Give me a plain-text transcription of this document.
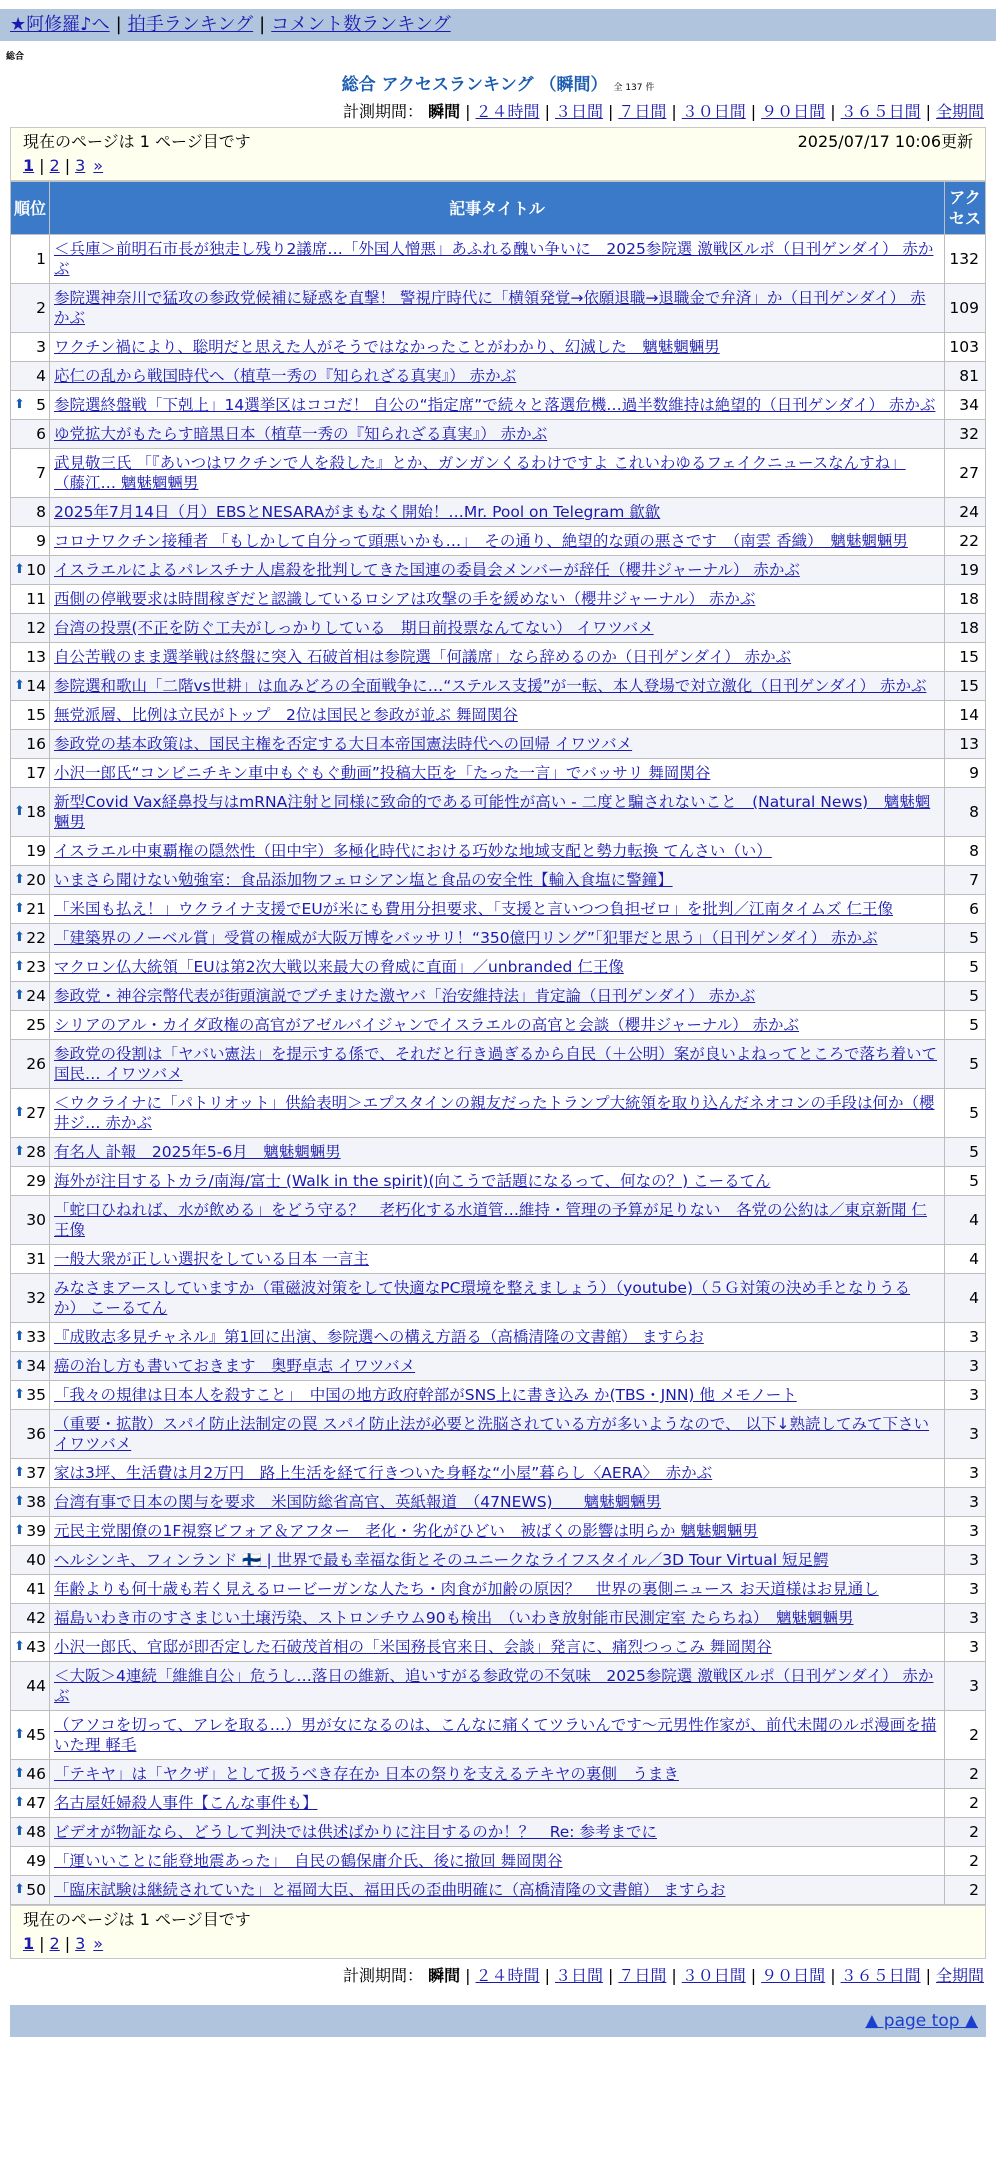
★阿修羅♪へ | 拍手ランキング | コメント数ランキング
総合
総合 アクセスランキング （瞬間） 全 137 件
計測期間： 瞬間 | ２４時間 | ３日間 | ７日間 | ３０日間 | ９０日間 | ３６５日間 | 全期間
現在のページは 1 ページ目です	2025/07/17 10:06更新
1 | 2 | 3 »
順位	記事タイトル	アクセス
1	＜兵庫＞前明石市長が独走し残り2議席…「外国人憎悪」あふれる醜い争いに　2025参院選 激戦区ルポ（日刊ゲンダイ） 赤かぶ	132
2	参院選神奈川で猛攻の参政党候補に疑惑を直撃！ 警視庁時代に「横領発覚→依願退職→退職金で弁済」か（日刊ゲンダイ） 赤かぶ	109
3	ワクチン禍により、聡明だと思えた人がそうではなかったことがわかり、幻滅した　魑魅魍魎男	103
4	応仁の乱から戦国時代へ（植草一秀の『知られざる真実』） 赤かぶ	81

⬆ 5	参院選終盤戦「下剋上」14選挙区はココだ！ 自公の“指定席”で続々と落選危機…過半数維持は絶望的（日刊ゲンダイ） 赤かぶ	34
6	ゆ党拡大がもたらす暗黒日本（植草一秀の『知られざる真実』） 赤かぶ	32
7	武見敬三氏 「『あいつはワクチンで人を殺した』とか、ガンガンくるわけですよ これいわゆるフェイクニュースなんすね」 （藤江… 魑魅魍魎男	27
8	2025年7月14日（月）EBSとNESARAがまもなく開始！…Mr. Pool on Telegram 歙歙	24
9	コロナワクチン接種者 「もしかして自分って頭悪いかも…」　その通り、絶望的な頭の悪さです　（南雲 香織）　魑魅魍魎男	22

⬆ 10	イスラエルによるパレスチナ人虐殺を批判してきた国連の委員会メンバーが辞任（櫻井ジャーナル） 赤かぶ	19
11	西側の停戦要求は時間稼ぎだと認識しているロシアは攻撃の手を緩めない（櫻井ジャーナル） 赤かぶ	18
12	台湾の投票(不正を防ぐ工夫がしっかりしている　期日前投票なんてない） イワツバメ	18
13	自公苦戦のまま選挙戦は終盤に突入 石破首相は参院選「何議席」なら辞めるのか（日刊ゲンダイ） 赤かぶ	15

⬆ 14	参院選和歌山「二階vs世耕」は血みどろの全面戦争に…“ステルス支援”が一転、本人登場で対立激化（日刊ゲンダイ） 赤かぶ	15
15	無党派層、比例は立民がトップ　2位は国民と参政が並ぶ 舞岡関谷	14
16	参政党の基本政策は、国民主権を否定する大日本帝国憲法時代への回帰 イワツバメ	13
17	小沢一郎氏“コンビニチキン車中もぐもぐ動画”投稿大臣を「たった一言」でバッサリ 舞岡関谷	9

⬆ 18	新型Covid Vax経鼻投与はmRNA注射と同様に致命的である可能性が高い - 二度と騙されないこと　(Natural News)　魑魅魍魎男	8
19	イスラエル中東覇権の隠然性（田中宇）多極化時代における巧妙な地域支配と勢力転換 てんさい（い）	8

⬆ 20	いまさら聞けない勉強室：食品添加物フェロシアン塩と食品の安全性【輸入食塩に警鐘】	7

⬆ 21	「米国も払え！」ウクライナ支援でEUが米にも費用分担要求、「支援と言いつつ負担ゼロ」を批判／江南タイムズ 仁王像	6

⬆ 22	「建築界のノーベル賞」受賞の権威が大阪万博をバッサリ！“350億円リング”「犯罪だと思う」（日刊ゲンダイ） 赤かぶ	5

⬆ 23	マクロン仏大統領「EUは第2次大戦以来最大の脅威に直面」／unbranded 仁王像	5

⬆ 24	参政党・神谷宗幣代表が街頭演説でブチまけた激ヤバ「治安維持法」肯定論（日刊ゲンダイ） 赤かぶ	5
25	シリアのアル・カイダ政権の高官がアゼルバイジャンでイスラエルの高官と会談（櫻井ジャーナル） 赤かぶ	5
26	参政党の役割は「ヤバい憲法」を提示する係で、それだと行き過ぎるから自民（＋公明）案が良いよねってところで落ち着いて国民… イワツバメ	5

⬆ 27	＜ウクライナに「パトリオット」供給表明＞エプスタインの親友だったトランプ大統領を取り込んだネオコンの手段は何か（櫻井ジ… 赤かぶ	5

⬆ 28	有名人 訃報　2025年5-6月　魑魅魍魎男	5
29	海外が注目するトカラ/南海/富士 (Walk in the spirit)(向こうで話題になるって、何なの？) こーるてん	5
30	「蛇口ひねれば、水が飲める」をどう守る？　老朽化する水道管…維持・管理の予算が足りない　各党の公約は／東京新聞 仁王像	4
31	一般大衆が正しい選択をしている日本 一言主	4
32	みなさまアースしていますか（電磁波対策をして快適なPC環境を整えましょう）（youtube)（５Ｇ対策の決め手となりうるか） こーるてん	4

⬆ 33	『成敗志多見チャネル』第1回に出演、参院選への構え方語る（高橋清隆の文書館） ますらお	3

⬆ 34	癌の治し方も書いておきます　奥野卓志 イワツバメ	3

⬆ 35	「我々の規律は日本人を殺すこと」　中国の地方政府幹部がSNS上に書き込み か(TBS・JNN) 他 メモノート	3
36	（重要・拡散）スパイ防止法制定の罠 スパイ防止法が必要と洗脳されている方が多いようなので、 以下↓熟読してみて下さい イワツバメ	3

⬆ 37	家は3坪、生活費は月2万円　路上生活を経て行きついた身軽な“小屋”暮らし〈AERA〉　赤かぶ	3

⬆ 38	台湾有事で日本の関与を要求　米国防総省高官、英紙報道　（47NEWS)　　魑魅魍魎男	3

⬆ 39	元民主党閣僚の1F視察ビフォア＆アフター　老化・劣化がひどい　被ばくの影響は明らか 魑魅魍魎男	3
40	ヘルシンキ、フィンランド 🇫🇮 | 世界で最も幸福な街とそのユニークなライフスタイル／3D Tour Virtual 短足鰐	3
41	年齢よりも何十歳も若く見えるロービーガンな人たち・肉食が加齢の原因？　世界の裏側ニュース お天道様はお見通し	3
42	福島いわき市のすさまじい土壌汚染、ストロンチウム90も検出　（いわき放射能市民測定室 たらちね）　魑魅魍魎男	3

⬆ 43	小沢一郎氏、官邸が即否定した石破茂首相の「米国務長官来日、会談」発言に、痛烈つっこみ 舞岡関谷	3
44	＜大阪＞4連続「維維自公」危うし…落日の維新、追いすがる参政党の不気味　2025参院選 激戦区ルポ（日刊ゲンダイ） 赤かぶ	3

⬆ 45	（アソコを切って、アレを取る…）男が女になるのは、こんなに痛くてツラいんです〜元男性作家が、前代未聞のルポ漫画を描いた理 軽毛	2

⬆ 46	「テキヤ」は「ヤクザ」として扱うべき存在か 日本の祭りを支えるテキヤの裏側　うまき	2

⬆ 47	名古屋妊婦殺人事件【こんな事件も】	2

⬆ 48	ビデオが物証なら、どうして判決では供述ばかりに注目するのか！？　Re: 参考までに	2
49	「運いいことに能登地震あった」　自民の鶴保庸介氏、後に撤回 舞岡関谷	2

⬆ 50	「臨床試験は継続されていた」と福岡大臣、福田氏の歪曲明確に（高橋清隆の文書館） ますらお	2
現在のページは 1 ページ目です
1 | 2 | 3 »
計測期間： 瞬間 | ２４時間 | ３日間 | ７日間 | ３０日間 | ９０日間 | ３６５日間 | 全期間
▲ page top ▲
